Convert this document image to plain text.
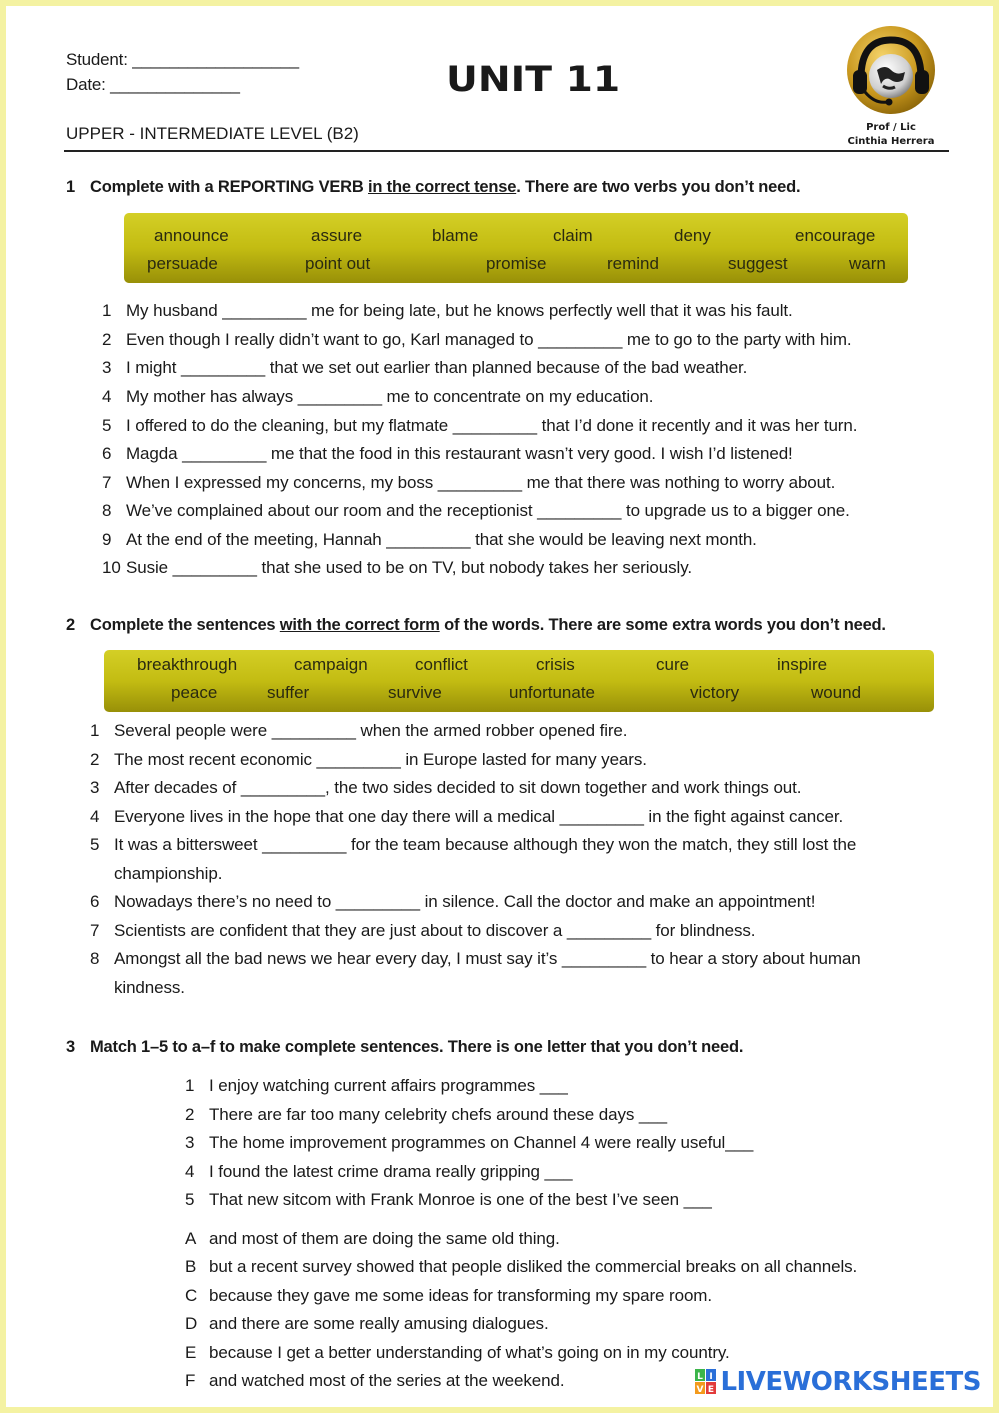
Student: __________________
Date: ______________	UNIT 11
UPPER - INTERMEDIATE LEVEL (B2)	Prof / Lic
Cinthia Herrera
1 Complete with a REPORTING VERB in the correct tense. There are two verbs you don’t need.
announce	assure	blame	claim	deny	encourage
persuade	point out	promise	remind	suggest	warn
1 My husband _________ me for being late, but he knows perfectly well that it was his fault.
2 Even though I really didn’t want to go, Karl managed to _________ me to go to the party with him.
3 I might _________ that we set out earlier than planned because of the bad weather.
4 My mother has always _________ me to concentrate on my education.
5 I offered to do the cleaning, but my flatmate _________ that I’d done it recently and it was her turn.
6 Magda _________ me that the food in this restaurant wasn’t very good. I wish I’d listened!
7 When I expressed my concerns, my boss _________ me that there was nothing to worry about.
8 We’ve complained about our room and the receptionist _________ to upgrade us to a bigger one.
9 At the end of the meeting, Hannah _________ that she would be leaving next month.
10 Susie _________ that she used to be on TV, but nobody takes her seriously.
2 Complete the sentences with the correct form of the words. There are some extra words you don’t need.
breakthrough	campaign	conflict	crisis	cure	inspire
peace	suffer	survive	unfortunate	victory	wound
1 Several people were _________ when the armed robber opened fire.
2 The most recent economic _________ in Europe lasted for many years.
3 After decades of _________, the two sides decided to sit down together and work things out.
4 Everyone lives in the hope that one day there will a medical _________ in the fight against cancer.
5 It was a bittersweet _________ for the team because although they won the match, they still lost the
championship.
6 Nowadays there’s no need to _________ in silence. Call the doctor and make an appointment!
7 Scientists are confident that they are just about to discover a _________ for blindness.
8 Amongst all the bad news we hear every day, I must say it’s _________ to hear a story about human
kindness.
3 Match 1–5 to a–f to make complete sentences. There is one letter that you don’t need.
1 I enjoy watching current affairs programmes ___
2 There are far too many celebrity chefs around these days ___
3 The home improvement programmes on Channel 4 were really useful___
4 I found the latest crime drama really gripping ___
5 That new sitcom with Frank Monroe is one of the best I’ve seen ___
A and most of them are doing the same old thing.
B but a recent survey showed that people disliked the commercial breaks on all channels.
C because they gave me some ideas for transforming my spare room.
D and there are some really amusing dialogues.
E because I get a better understanding of what’s going on in my country.
F and watched most of the series at the weekend.	L I
V E LIVEWORKSHEETS
